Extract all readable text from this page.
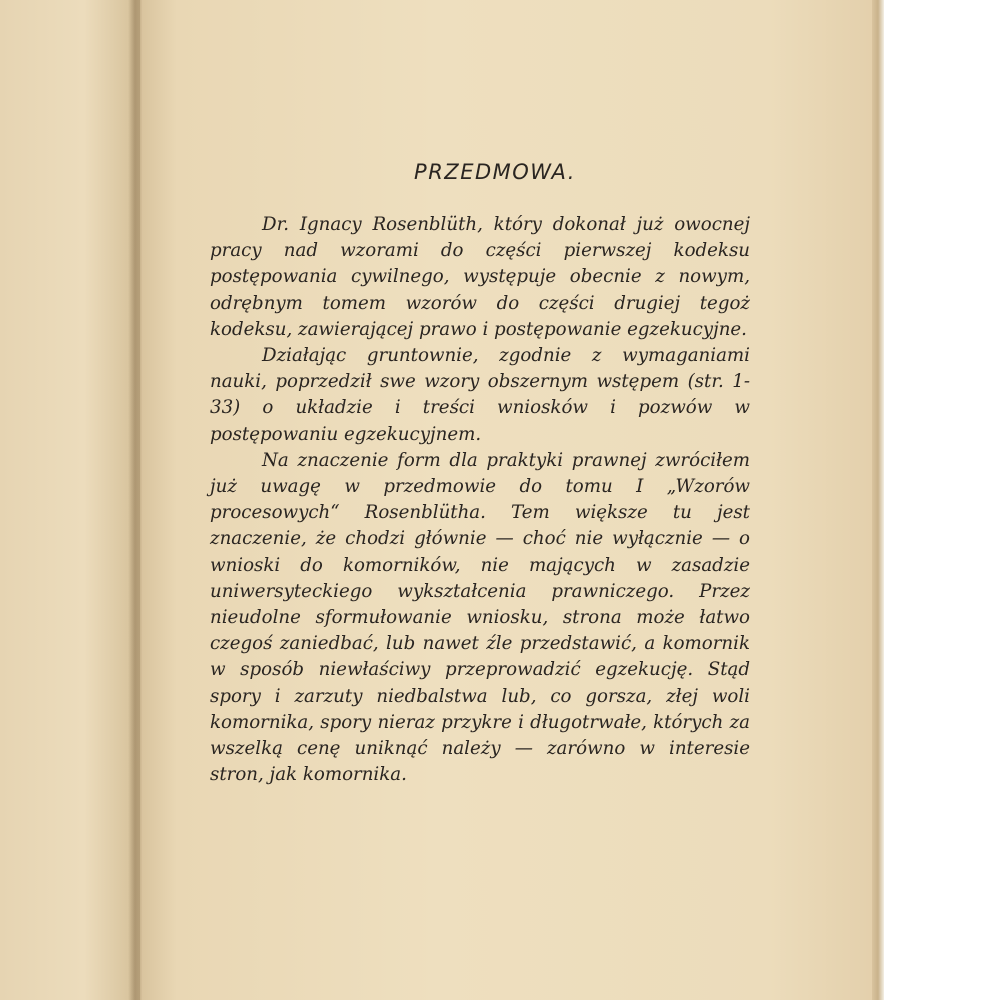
PRZEDMOWA.

Dr. Ignacy Rosenblüth, który dokonał już owocnej pracy nad wzorami do części pierwszej kodeksu postępowania cywilnego, występuje obecnie z nowym, odrębnym tomem wzorów do części drugiej tegoż kodeksu, zawierającej prawo i postępowanie egzekucyjne.

Działając gruntownie, zgodnie z wymaganiami nauki, poprzedził swe wzory obszernym wstępem (str. 1-33) o układzie i treści wniosków i pozwów w postępowaniu egzekucyjnem.

Na znaczenie form dla praktyki prawnej zwróciłem już uwagę w przedmowie do tomu I „Wzorów procesowych“ Rosenblütha. Tem większe tu jest znaczenie, że chodzi głównie — choć nie wyłącznie — o wnioski do komorników, nie mających w zasadzie uniwersyteckiego wykształcenia prawniczego. Przez nieudolne sformułowanie wniosku, strona może łatwo czegoś zaniedbać, lub nawet źle przedstawić, a komornik w sposób niewłaściwy przeprowadzić egzekucję. Stąd spory i zarzuty niedbalstwa lub, co gorsza, złej woli komornika, spory nieraz przykre i długotrwałe, których za wszelką cenę uniknąć należy — zarówno w interesie stron, jak komornika.
